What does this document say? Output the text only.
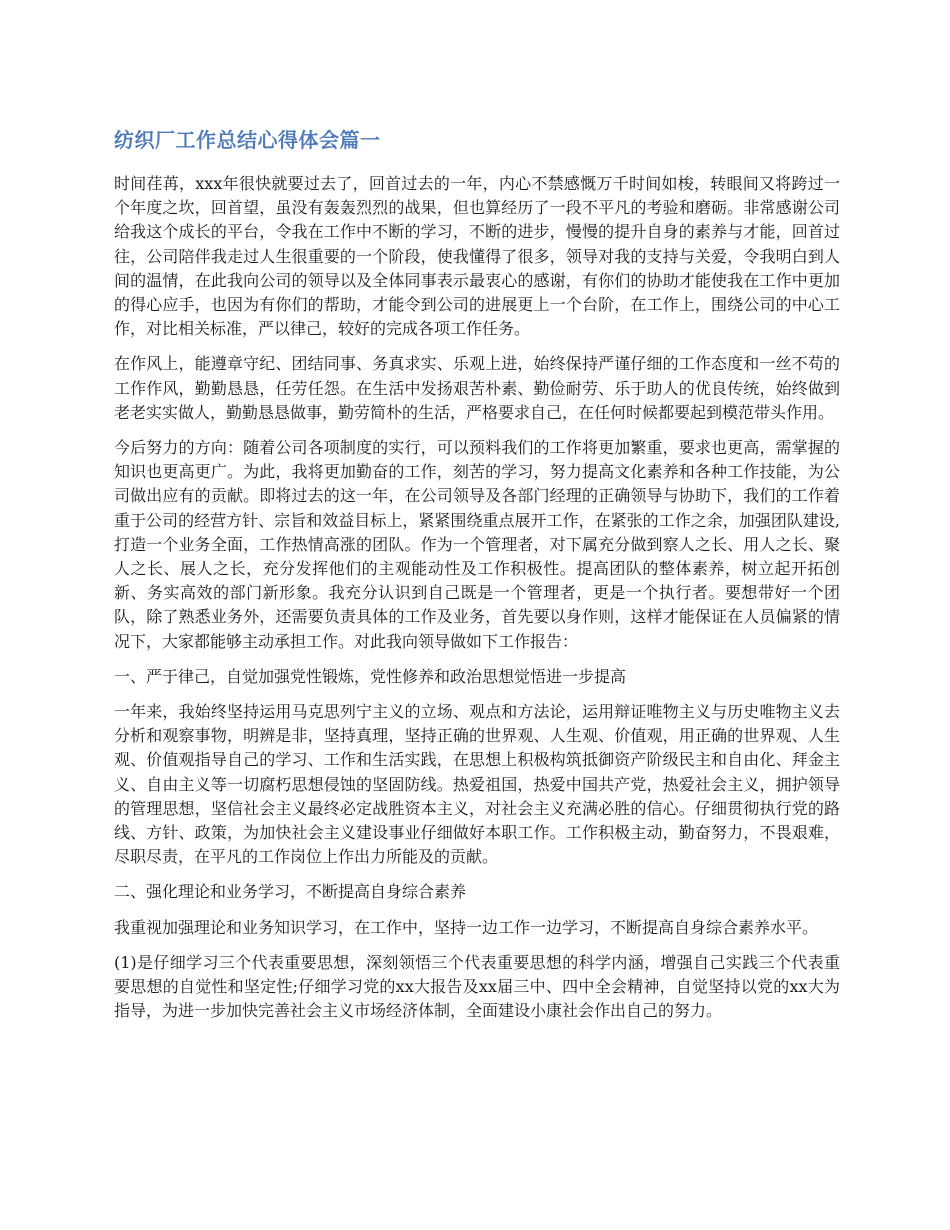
纺织厂工作总结心得体会篇一

时间荏苒，xxx年很快就要过去了，回首过去的一年，内心不禁感慨万千时间如梭，转眼间又将跨过一个年度之坎，回首望，虽没有轰轰烈烈的战果，但也算经历了一段不平凡的考验和磨砺。非常感谢公司给我这个成长的平台，令我在工作中不断的学习，不断的进步，慢慢的提升自身的素养与才能，回首过往，公司陪伴我走过人生很重要的一个阶段，使我懂得了很多，领导对我的支持与关爱，令我明白到人间的温情，在此我向公司的领导以及全体同事表示最衷心的感谢，有你们的协助才能使我在工作中更加的得心应手，也因为有你们的帮助，才能令到公司的进展更上一个台阶，在工作上，围绕公司的中心工作，对比相关标准，严以律己，较好的完成各项工作任务。

在作风上，能遵章守纪、团结同事、务真求实、乐观上进，始终保持严谨仔细的工作态度和一丝不苟的工作作风，勤勤恳恳，任劳任怨。在生活中发扬艰苦朴素、勤俭耐劳、乐于助人的优良传统，始终做到老老实实做人，勤勤恳恳做事，勤劳简朴的生活，严格要求自己，在任何时候都要起到模范带头作用。

今后努力的方向：随着公司各项制度的实行，可以预料我们的工作将更加繁重，要求也更高，需掌握的知识也更高更广。为此，我将更加勤奋的工作，刻苦的学习，努力提高文化素养和各种工作技能，为公司做出应有的贡献。即将过去的这一年，在公司领导及各部门经理的正确领导与协助下，我们的工作着重于公司的经营方针、宗旨和效益目标上，紧紧围绕重点展开工作，在紧张的工作之余，加强团队建设,打造一个业务全面，工作热情高涨的团队。作为一个管理者，对下属充分做到察人之长、用人之长、聚人之长、展人之长，充分发挥他们的主观能动性及工作积极性。提高团队的整体素养，树立起开拓创新、务实高效的部门新形象。我充分认识到自己既是一个管理者，更是一个执行者。要想带好一个团队，除了熟悉业务外，还需要负责具体的工作及业务，首先要以身作则，这样才能保证在人员偏紧的情况下，大家都能够主动承担工作。对此我向领导做如下工作报告：

一、严于律己，自觉加强党性锻炼，党性修养和政治思想觉悟进一步提高

一年来，我始终坚持运用马克思列宁主义的立场、观点和方法论，运用辩证唯物主义与历史唯物主义去分析和观察事物，明辨是非，坚持真理，坚持正确的世界观、人生观、价值观，用正确的世界观、人生观、价值观指导自己的学习、工作和生活实践，在思想上积极构筑抵御资产阶级民主和自由化、拜金主义、自由主义等一切腐朽思想侵蚀的坚固防线。热爱祖国，热爱中国共产党，热爱社会主义，拥护领导的管理思想，坚信社会主义最终必定战胜资本主义，对社会主义充满必胜的信心。仔细贯彻执行党的路线、方针、政策，为加快社会主义建设事业仔细做好本职工作。工作积极主动，勤奋努力，不畏艰难，尽职尽责，在平凡的工作岗位上作出力所能及的贡献。

二、强化理论和业务学习，不断提高自身综合素养

我重视加强理论和业务知识学习，在工作中，坚持一边工作一边学习，不断提高自身综合素养水平。

(1)是仔细学习三个代表重要思想，深刻领悟三个代表重要思想的科学内涵，增强自己实践三个代表重要思想的自觉性和坚定性;仔细学习党的xx大报告及xx届三中、四中全会精神，自觉坚持以党的xx大为指导，为进一步加快完善社会主义市场经济体制，全面建设小康社会作出自己的努力。
